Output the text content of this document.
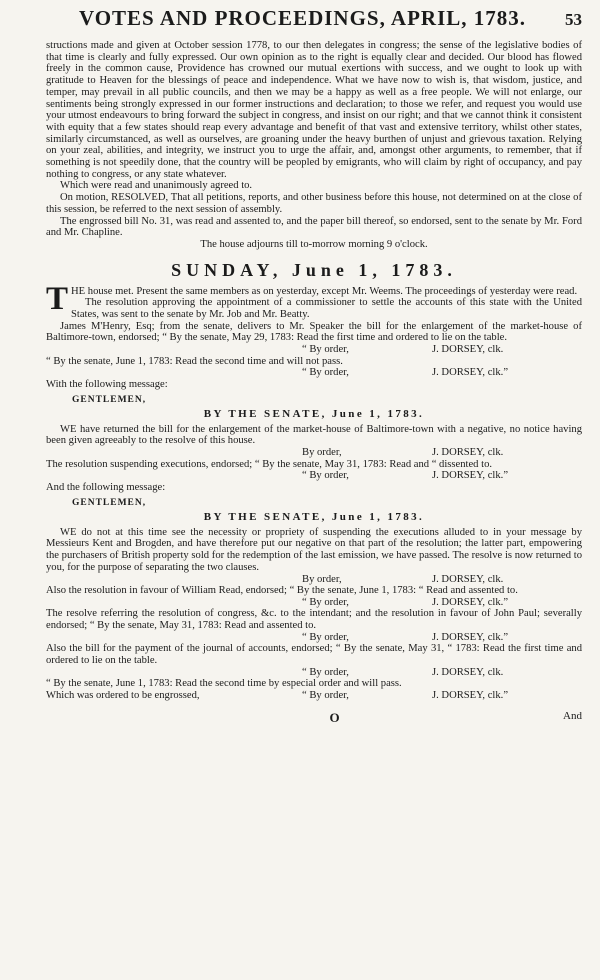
VOTES AND PROCEEDINGS, APRIL, 1783.	53

structions made and given at October session 1778, to our then delegates in congress; the sense of the legislative bodies of that time is clearly and fully expressed. Our own opinion as to the right is equally clear and decided. Our blood has flowed freely in the common cause, Providence has crowned our mutual exertions with success, and we ought to look up with gratitude to Heaven for the blessings of peace and independence. What we have now to wish is, that wisdom, justice, and temper, may prevail in all public councils, and then we may be a happy as well as a free people. We will not enlarge, our sentiments being strongly expressed in our former instructions and declaration; to those we refer, and request you would use your utmost endeavours to bring forward the subject in congress, and insist on our right; and that we cannot think it consistent with equity that a few states should reap every advantage and benefit of that vast and extensive territory, whilst other states, similarly circumstanced, as well as ourselves, are groaning under the heavy burthen of unjust and grievous taxation. Relying on your zeal, abilities, and integrity, we instruct you to urge the affair, and, amongst other arguments, to remember, that if something is not speedily done, that the country will be peopled by emigrants, who will claim by right of occupancy, and pay nothing to congress, or any state whatever.

Which were read and unanimously agreed to.

On motion, RESOLVED, That all petitions, reports, and other business before this house, not determined on at the close of this session, be referred to the next session of assembly.

The engrossed bill No. 31, was read and assented to, and the paper bill thereof, so endorsed, sent to the senate by Mr. Ford and Mr. Chapline.

The house adjourns till to-morrow morning 9 o'clock.

SUNDAY, June 1, 1783.

THE house met. Present the same members as on yesterday, except Mr. Weems. The proceedings of yesterday were read.

The resolution approving the appointment of a commissioner to settle the accounts of this state with the United States, was sent to the senate by Mr. Job and Mr. Beatty.

James M'Henry, Esq; from the senate, delivers to Mr. Speaker the bill for the enlargement of the market-house of Baltimore-town, endorsed; “ By the senate, May 29, 1783: Read the first time and ordered to lie on the table.

“ By order,	J. DORSEY, clk.

“ By the senate, June 1, 1783: Read the second time and will not pass.

“ By order,	J. DORSEY, clk.”

With the following message:

GENTLEMEN,
BY THE SENATE, June 1, 1783.

WE have returned the bill for the enlargement of the market-house of Baltimore-town with a negative, no notice having been given agreeably to the resolve of this house.

By order,	J. DORSEY, clk.

The resolution suspending executions, endorsed; “ By the senate, May 31, 1783: Read and “ dissented to.

“ By order,	J. DORSEY, clk.”

And the following message:

GENTLEMEN,
BY THE SENATE, June 1, 1783.

WE do not at this time see the necessity or propriety of suspending the executions alluded to in your message by Messieurs Kent and Brogden, and have therefore put our negative on that part of the resolution; the latter part, empowering the purchasers of British property sold for the redemption of the last emission, we have passed. The resolve is now returned to you, for the purpose of separating the two clauses.

By order,	J. DORSEY, clk.

Also the resolution in favour of William Read, endorsed; “ By the senate, June 1, 1783: “ Read and assented to.

“ By order,	J. DORSEY, clk.”

The resolve referring the resolution of congress, &c. to the intendant; and the resolution in favour of John Paul; severally endorsed; “ By the senate, May 31, 1783: Read and assented to.

“ By order,	J. DORSEY, clk.”

Also the bill for the payment of the journal of accounts, endorsed; “ By the senate, May 31, “ 1783: Read the first time and ordered to lie on the table.

“ By order,	J. DORSEY, clk.

“ By the senate, June 1, 1783: Read the second time by especial order and will pass.

Which was ordered to be engrossed,	“ By order,	J. DORSEY, clk.”
O	And
